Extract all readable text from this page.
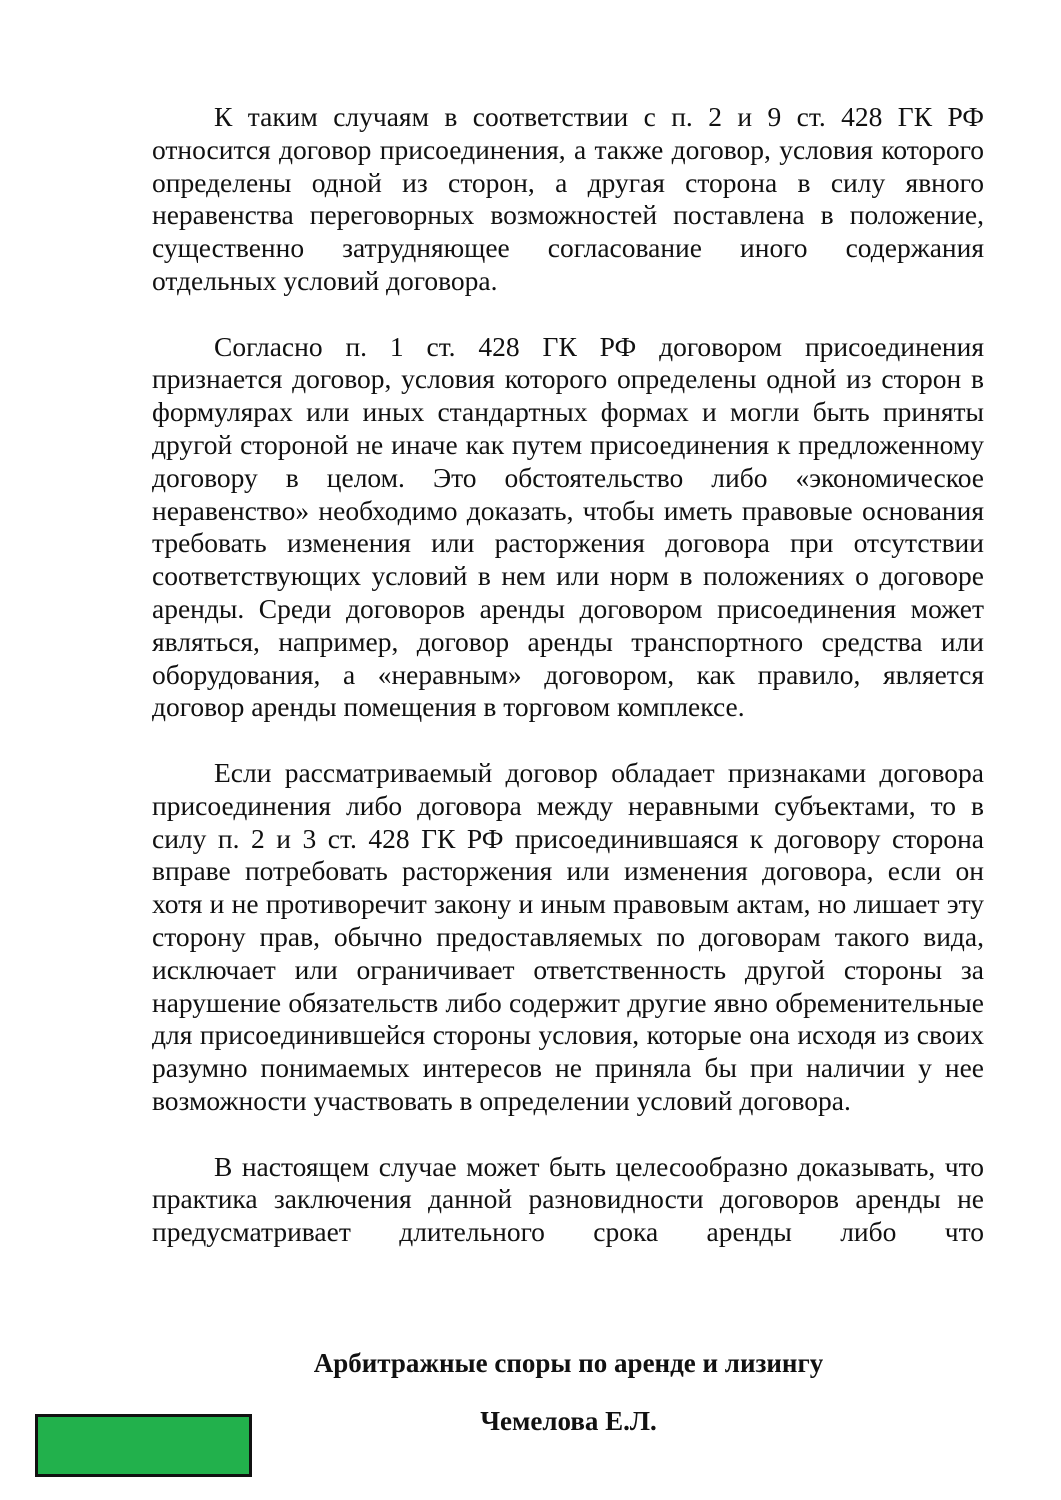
К таким случаям в соответствии с п. 2 и 9 ст. 428 ГК РФ относится договор присоединения, а также договор, условия которого определены одной из сторон, а другая сторона в силу явного неравенства переговорных возможностей поставлена в положение, существенно затрудняющее согласование иного содержания отдельных условий договора.

Согласно п. 1 ст. 428 ГК РФ договором присоединения признается договор, условия которого определены одной из сторон в формулярах или иных стандартных формах и могли быть приняты другой стороной не иначе как путем присоединения к предложенному договору в целом. Это обстоятельство либо «экономическое неравенство» необходимо доказать, чтобы иметь правовые основания требовать изменения или расторжения договора при отсутствии соответствующих условий в нем или норм в положениях о договоре аренды. Среди договоров аренды договором присоединения может являться, например, договор аренды транспортного средства или оборудования, а «неравным» договором, как правило, является договор аренды помещения в торговом комплексе.

Если рассматриваемый договор обладает признаками договора присоединения либо договора между неравными субъектами, то в силу п. 2 и 3 ст. 428 ГК РФ присоединившаяся к договору сторона вправе потребовать расторжения или изменения договора, если он хотя и не противоречит закону и иным правовым актам, но лишает эту сторону прав, обычно предоставляемых по договорам такого вида, исключает или ограничивает ответственность другой стороны за нарушение обязательств либо содержит другие явно обременительные для присоединившейся стороны условия, которые она исходя из своих разумно понимаемых интересов не приняла бы при наличии у нее возможности участвовать в определении условий договора.

В настоящем случае может быть целесообразно доказывать, что практика заключения данной разновидности договоров аренды не предусматривает длительного срока аренды либо что

Арбитражные споры по аренде и лизингу
Чемелова Е.Л.
